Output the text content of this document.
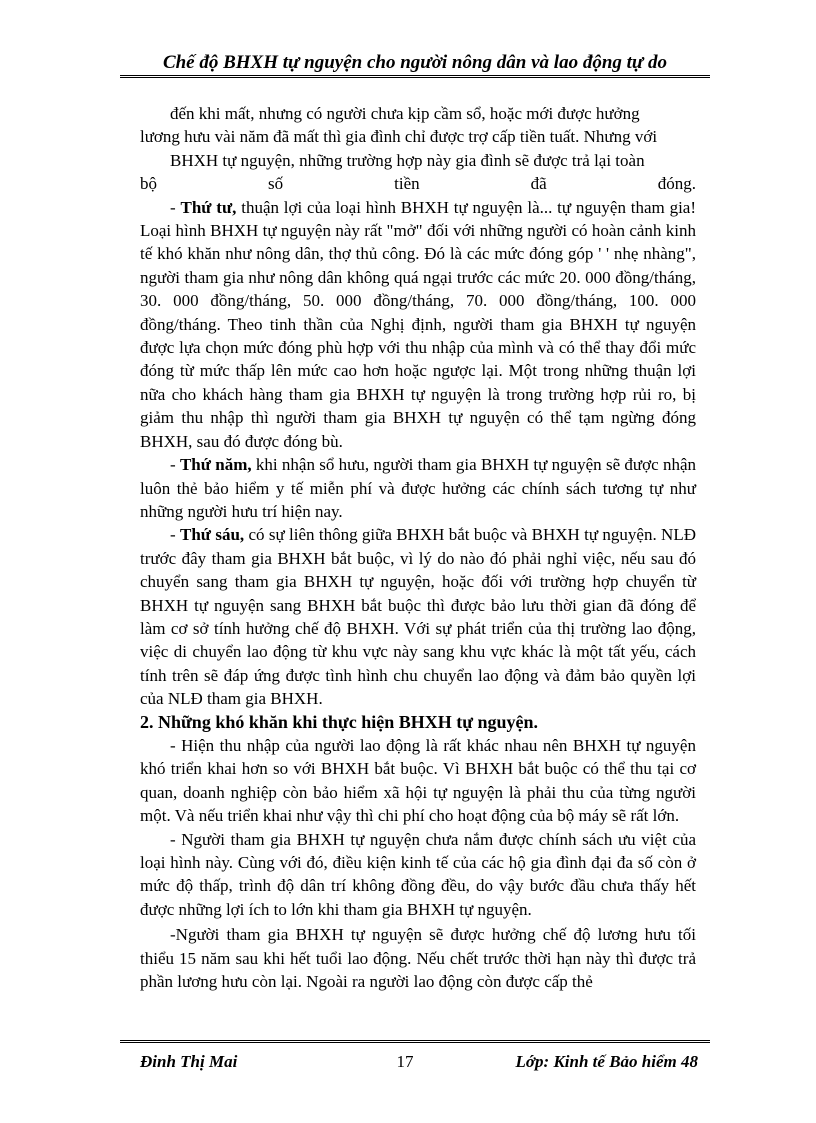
Chế độ BHXH tự nguyện cho người nông dân và lao động tự do

đến khi mất, nhưng có người chưa kịp cầm sổ, hoặc mới được hưởng

lương hưu vài năm đã mất thì gia đình chỉ được trợ cấp tiền tuất. Nhưng với

BHXH tự nguyện, những trường hợp này gia đình sẽ được trả lại toàn

bộ	số	tiền	đã	đóng.

- Thứ tư, thuận lợi của loại hình BHXH tự nguyện là... tự nguyện tham gia! Loại hình BHXH tự nguyện này rất "mở" đối với những người có hoàn cảnh kinh tế khó khăn như nông dân, thợ thủ công. Đó là các mức đóng góp ' ' nhẹ nhàng", người tham gia như nông dân không quá ngại trước các mức 20. 000 đồng/tháng, 30. 000 đồng/tháng, 50. 000 đồng/tháng, 70. 000 đồng/tháng, 100. 000 đồng/tháng. Theo tinh thần của Nghị định, người tham gia BHXH tự nguyện được lựa chọn mức đóng phù hợp với thu nhập của mình và có thể thay đổi mức đóng từ mức thấp lên mức cao hơn hoặc ngược lại. Một trong những thuận lợi nữa cho khách hàng tham gia BHXH tự nguyện là trong trường hợp rủi ro, bị giảm thu nhập thì người tham gia BHXH tự nguyện có thể tạm ngừng đóng BHXH, sau đó được đóng bù.

- Thứ năm, khi nhận sổ hưu, người tham gia BHXH tự nguyện sẽ được nhận luôn thẻ bảo hiểm y tế miễn phí và được hưởng các chính sách tương tự như những người hưu trí hiện nay.

- Thứ sáu, có sự liên thông giữa BHXH bắt buộc và BHXH tự nguyện. NLĐ trước đây tham gia BHXH bắt buộc, vì lý do nào đó phải nghỉ việc, nếu sau đó chuyển sang tham gia BHXH tự nguyện, hoặc đối với trường hợp chuyển từ BHXH tự nguyện sang BHXH bắt buộc thì được bảo lưu thời gian đã đóng để làm cơ sở tính hưởng chế độ BHXH. Với sự phát triển của thị trường lao động, việc di chuyển lao động từ khu vực này sang khu vực khác là một tất yếu, cách tính trên sẽ đáp ứng được tình hình chu chuyển lao động và đảm bảo quyền lợi của NLĐ tham gia BHXH.

2. Những khó khăn khi thực hiện BHXH tự nguyện.

- Hiện thu nhập của người lao động là rất khác nhau nên BHXH tự nguyện khó triển khai hơn so với BHXH bắt buộc. Vì BHXH bắt buộc có thể thu tại cơ quan, doanh nghiệp còn bảo hiểm xã hội tự nguyện là phải thu của từng người một. Và nếu triển khai như vậy thì chi phí cho hoạt động của bộ máy sẽ rất lớn.

- Người tham gia BHXH tự nguyện chưa nắm được chính sách ưu việt của loại hình này. Cùng với đó, điều kiện kinh tế của các hộ gia đình đại đa số còn ở mức độ thấp, trình độ dân trí không đồng đều, do vậy bước đầu chưa thấy hết được những lợi ích to lớn khi tham gia BHXH tự nguyện.

-Người tham gia BHXH tự nguyện sẽ được hưởng chế độ lương hưu tối thiểu 15 năm sau khi hết tuổi lao động. Nếu chết trước thời hạn này thì được trả phần lương hưu còn lại. Ngoài ra người lao động còn được cấp thẻ

Đinh Thị Mai	17	Lớp: Kinh tế Bảo hiểm 48
